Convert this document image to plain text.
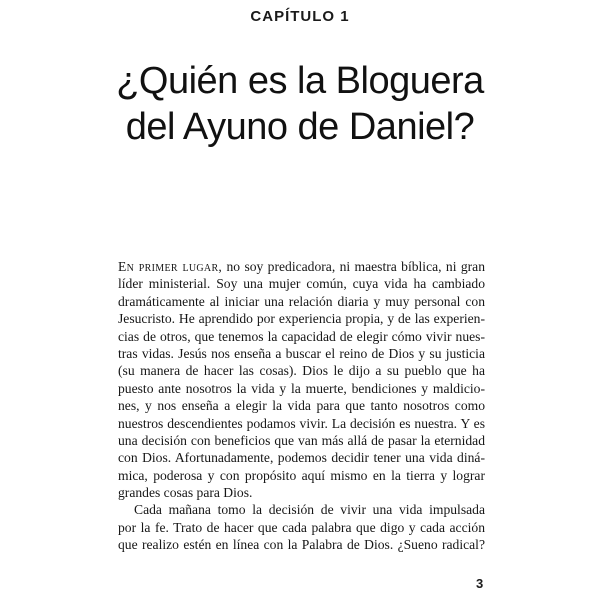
CAPÍTULO 1
¿Quién es la Bloguera
del Ayuno de Daniel?
En primer lugar, no soy predicadora, ni maestra bíblica, ni gran
líder ministerial. Soy una mujer común, cuya vida ha cambiado
dramáticamente al iniciar una relación diaria y muy personal con
Jesucristo. He aprendido por experiencia propia, y de las experien-
cias de otros, que tenemos la capacidad de elegir cómo vivir nues-
tras vidas. Jesús nos enseña a buscar el reino de Dios y su justicia
(su manera de hacer las cosas). Dios le dijo a su pueblo que ha
puesto ante nosotros la vida y la muerte, bendiciones y maldicio-
nes, y nos enseña a elegir la vida para que tanto nosotros como
nuestros descendientes podamos vivir. La decisión es nuestra. Y es
una decisión con beneficios que van más allá de pasar la eternidad
con Dios. Afortunadamente, podemos decidir tener una vida diná-
mica, poderosa y con propósito aquí mismo en la tierra y lograr
grandes cosas para Dios.
Cada mañana tomo la decisión de vivir una vida impulsada
por la fe. Trato de hacer que cada palabra que digo y cada acción
que realizo estén en línea con la Palabra de Dios. ¿Sueno radical?
3
